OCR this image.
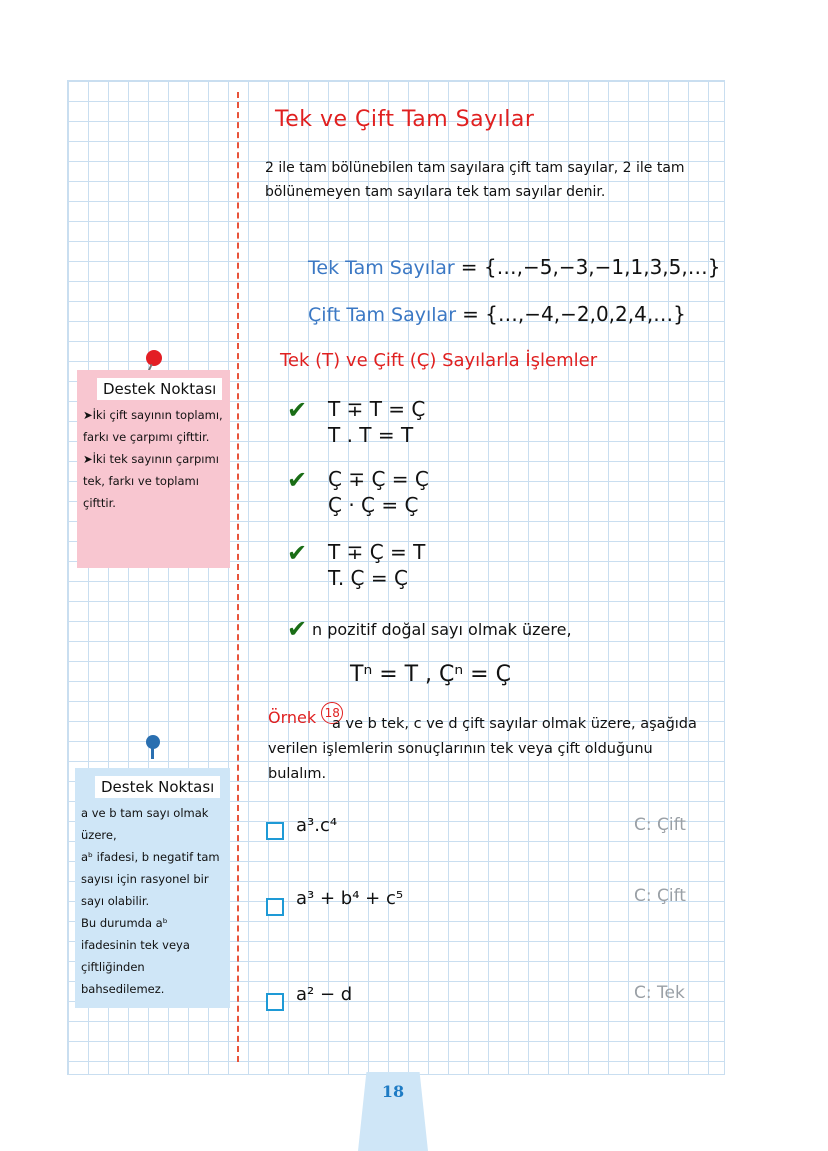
Tek ve Çift Tam Sayılar
2 ile tam bölünebilen tam sayılara çift tam sayılar, 2 ile tam bölünemeyen tam sayılara tek tam sayılar denir.
Tek Tam Sayılar = {…,−5,−3,−1,1,3,5,…}
Çift Tam Sayılar = {…,−4,−2,0,2,4,…}
Tek (T) ve Çift (Ç) Sayılarla İşlemler
✔ T ∓ T = Ç
T . T = T
✔ Ç ∓ Ç = Ç
Ç · Ç = Ç
✔ T ∓ Ç = T
T. Ç = Ç
✔ n pozitif doğal sayı olmak üzere,
Tⁿ = T , Çⁿ = Ç
Örnek 18
a ve b tek, c ve d çift sayılar olmak üzere, aşağıda verilen işlemlerin sonuçlarının tek veya çift olduğunu bulalım.
a³.c⁴	C: Çift
a³ + b⁴ + c⁵	C: Çift
a² − d	C: Tek
Destek Noktası

➤İki çift sayının toplamı, farkı ve çarpımı çifttir.

➤İki tek sayının çarpımı tek, farkı ve toplamı çifttir.

Destek Noktası

a ve b tam sayı olmak üzere,

aᵇ ifadesi, b negatif tam sayısı için rasyonel bir sayı olabilir.

Bu durumda aᵇ ifadesinin tek veya çiftliğinden bahsedilemez.

18
